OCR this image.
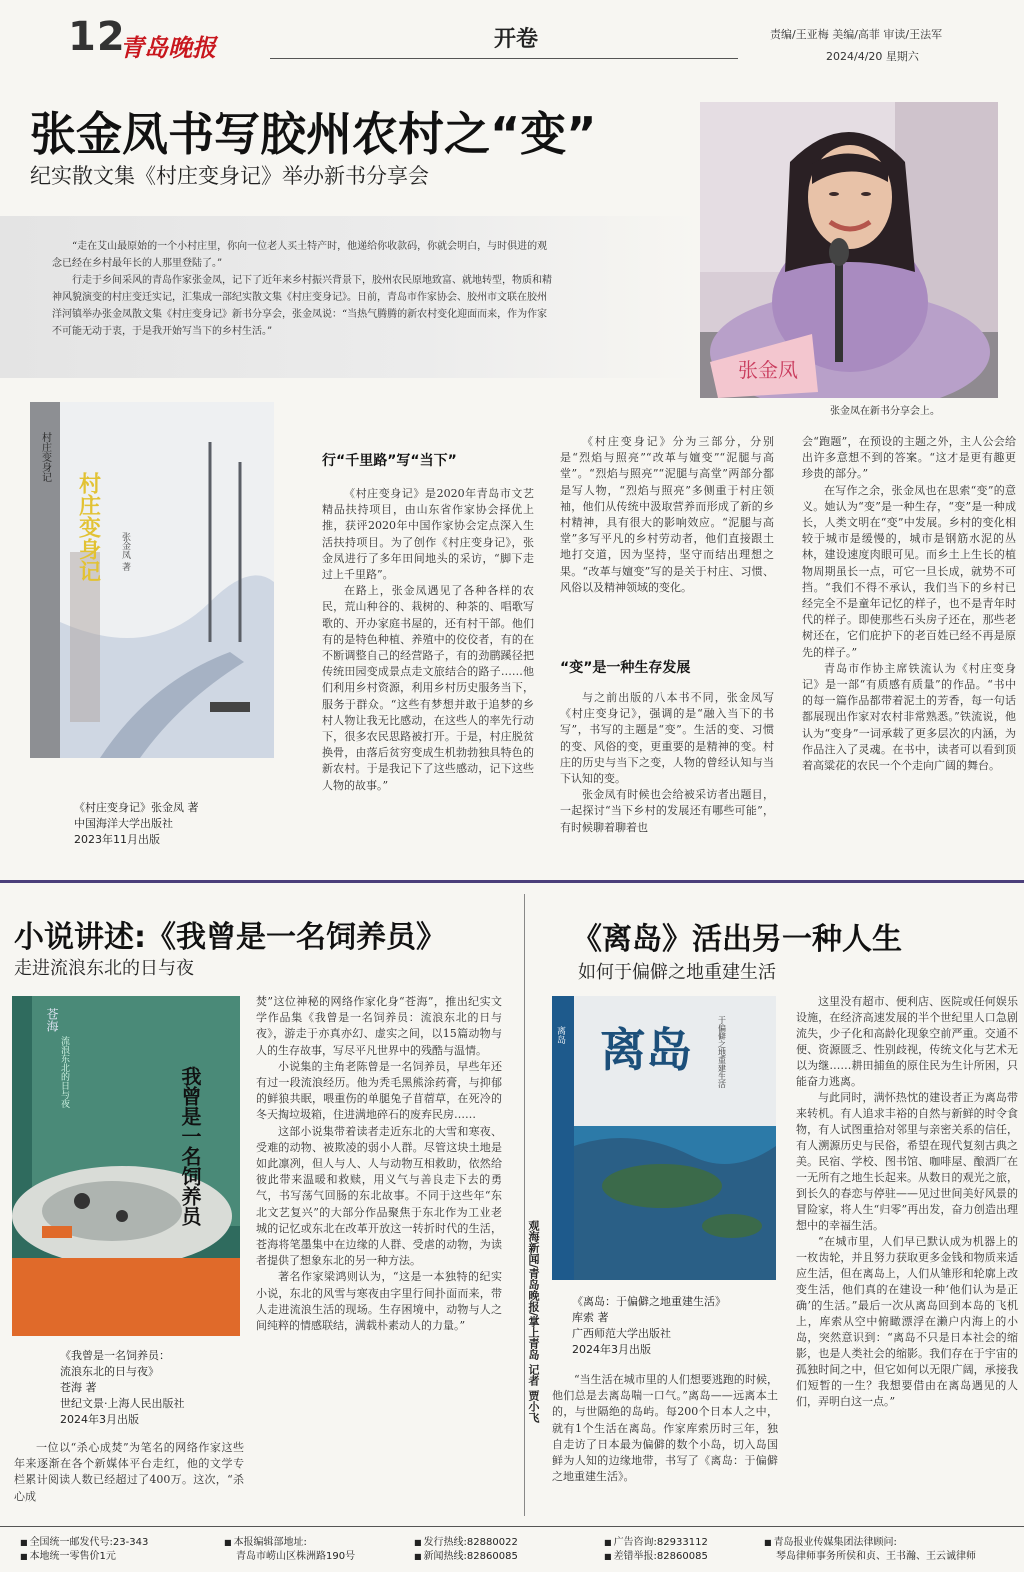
12
青岛晚报	开卷	责编/王亚梅 美编/高菲 审读/王法军
2024/4/20 星期六
张金凤书写胶州农村之“变”
纪实散文集《村庄变身记》举办新书分享会

“走在艾山最原始的一个小村庄里，你向一位老人买土特产时，他递给你收款码，你就会明白，与时俱进的观念已经在乡村最年长的人那里登陆了。”

行走于乡间采风的青岛作家张金凤，记下了近年来乡村振兴背景下，胶州农民原地致富、就地转型，物质和精神风貌演变的村庄变迁实记，汇集成一部纪实散文集《村庄变身记》。日前，青岛市作家协会、胶州市文联在胶州洋河镇举办张金凤散文集《村庄变身记》新书分享会，张金凤说：“当热气腾腾的新农村变化迎面而来，作为作家不可能无动于衷，于是我开始写当下的乡村生活。”

张金凤
张金凤在新书分享会上。
村庄变身记 张金凤 著
村庄变身记
《村庄变身记》张金凤 著
中国海洋大学出版社
2023年11月出版
行“千里路”写“当下”

《村庄变身记》是2020年青岛市文艺精品扶持项目，由山东省作家协会择优上推，获评2020年中国作家协会定点深入生活扶持项目。为了创作《村庄变身记》，张金凤进行了多年田间地头的采访，“脚下走过上千里路”。

在路上，张金凤遇见了各种各样的农民，荒山种谷的、栽树的、种茶的、唱歌写歌的、开办家庭书屋的，还有村干部。他们有的是特色种植、养殖中的佼佼者，有的在不断调整自己的经营路子，有的劲鹛蹊径把传统田园变成景点走文旅结合的路子……他们利用乡村资源，利用乡村历史服务当下，服务于群众。“这些有梦想并敢于追梦的乡村人物让我无比感动，在这些人的率先行动下，很多农民思路被打开。于是，村庄脱贫换骨，由落后贫穷变成生机勃勃独具特色的新农村。于是我记下了这些感动，记下这些人物的故事。”

《村庄变身记》分为三部分，分别是“烈焰与照亮”“改革与嬗变”“泥腿与高堂”。“烈焰与照亮”“泥腿与高堂”两部分都是写人物，“烈焰与照亮”多侧重于村庄领袖，他们从传统中汲取营养而形成了新的乡村精神，具有很大的影响效应。“泥腿与高堂”多写平凡的乡村劳动者，他们直接跟土地打交道，因为坚持，坚守而结出理想之果。“改革与嬗变”写的是关于村庄、习惯、风俗以及精神领域的变化。

“变”是一种生存发展

与之前出版的八本书不同，张金凤写《村庄变身记》，强调的是“融入当下的书写”，书写的主题是“变”。生活的变、习惯的变、风俗的变，更重要的是精神的变。村庄的历史与当下之变，人物的曾经认知与当下认知的变。

张金凤有时候也会给被采访者出题目，一起探讨“当下乡村的发展还有哪些可能”，有时候聊着聊着也

会“跑题”，在预设的主题之外，主人公会给出许多意想不到的答案。“这才是更有趣更珍贵的部分。”

在写作之余，张金凤也在思索“变”的意义。她认为“变”是一种生存，“变”是一种成长，人类文明在“变”中发展。乡村的变化相较于城市是缓慢的，城市是钢筋水泥的丛林，建设速度肉眼可见。而乡土上生长的植物周期虽长一点，可它一旦长成，就势不可挡。“我们不得不承认，我们当下的乡村已经完全不是童年记忆的样子，也不是青年时代的样子。即使那些石头房子还在，那些老树还在，它们庇护下的老百姓已经不再是原先的样子。”

青岛市作协主席铁流认为《村庄变身记》是一部“有质感有质量”的作品。“书中的每一篇作品都带着泥土的芳香，每一句话都展现出作家对农村非常熟悉。”铁流说，他认为“变身”一词承载了更多层次的内涵，为作品注入了灵魂。在书中，读者可以看到顶着高粱花的农民一个个走向广阔的舞台。

小说讲述:《我曾是一名饲养员》
走进流浪东北的日与夜
我曾是一名饲养员
流浪东北的日与夜
苍海
《我曾是一名饲养员：
流浪东北的日与夜》
苍海 著
世纪文景·上海人民出版社
2024年3月出版

一位以“杀心成焚”为笔名的网络作家这些年来逐渐在各个新媒体平台走红，他的文学专栏累计阅读人数已经超过了400万。这次，“杀心成

焚”这位神秘的网络作家化身“苍海”，推出纪实文学作品集《我曾是一名饲养员：流浪东北的日与夜》，游走于亦真亦幻、虚实之间，以15篇动物与人的生存故事，写尽平凡世界中的残酷与温情。

小说集的主角老陈曾是一名饲养员，早些年还有过一段流浪经历。他为秃毛黑熊涂药膏，与抑郁的鲜狼共眠，喂重伤的单腿兔子苜蓿草，在死冷的冬天掏垃圾箱，住进满地碎石的废弃民房……

这部小说集带着读者走近东北的大雪和寒夜、受难的动物、被欺凌的弱小人群。尽管这块土地是如此凛冽，但人与人、人与动物互相救助，依然给彼此带来温暖和救赎，用义气与善良走下去的勇气，书写荡气回肠的东北故事。不同于这些年“东北文艺复兴”的大部分作品聚焦于东北作为工业老城的记忆或东北在改革开放这一转折时代的生活，苍海将笔墨集中在边缘的人群、受虐的动物，为读者提供了想象东北的另一种方法。

著名作家梁鸿则认为，“这是一本独特的纪实小说，东北的风雪与寒夜由字里行间扑面而来，带人走进流浪生活的现场。生存困境中，动物与人之间纯粹的情感联结，满载朴素动人的力量。”	观海新闻/青岛晚报/掌上青岛 记者 贾小飞
《离岛》活出另一种人生
如何于偏僻之地重建生活
离岛	于偏僻之地重建生活
离岛
《离岛：于偏僻之地重建生活》
库索 著
广西师范大学出版社
2024年3月出版

“当生活在城市里的人们想要逃跑的时候，他们总是去离岛喘一口气。”离岛——远离本土的，与世隔绝的岛屿。每200个日本人之中，就有1个生活在离岛。作家库索历时三年，独自走访了日本最为偏僻的数个小岛，切入岛国鲜为人知的边缘地带，书写了《离岛：于偏僻之地重建生活》。

这里没有超市、便利店、医院或任何娱乐设施，在经济高速发展的半个世纪里人口急剧流失，少子化和高龄化现象空前严重。交通不便、资源匮乏、性别歧视，传统文化与艺术无以为继……耕田捕鱼的原住民为生计所困，只能奋力逃离。

与此同时，满怀热忱的建设者正为离岛带来转机。有人追求丰裕的自然与新鲜的时令食物，有人试图重拾对邻里与亲密关系的信任，有人溯源历史与民俗，希望在现代复刻古典之美。民宿、学校、图书馆、咖啡屋、酿酒厂在一无所有之地生长起来。从数日的观光之旅，到长久的春恋与停驻——见过世间美好风景的冒险家，将人生“归零”再出发，奋力创造出理想中的幸福生活。

“在城市里，人们早已默认成为机器上的一枚齿轮，并且努力获取更多金钱和物质来适应生活，但在离岛上，人们从雏形和轮廓上改变生活，他们真的在建设一种‘他们认为是正确’的生活。”最后一次从离岛回到本岛的飞机上，库索从空中俯瞰漂浮在濑户内海上的小岛，突然意识到：“离岛不只是日本社会的缩影，也是人类社会的缩影。我们存在于宇宙的孤独时间之中，但它如何以无限广阔，承接我们短暂的一生？我想要借由在离岛遇见的人们，弄明白这一点。”

■ 全国统一邮发代号:23-343
■ 本地统一零售价1元
■ 本报编辑部地址:
青岛市崂山区株洲路190号
■ 发行热线:82880022
■ 新闻热线:82860085
■ 广告咨询:82933112
■ 差错举报:82860085
■ 青岛报业传媒集团法律顾问:
琴岛律师事务所侯和贞、王书瀚、王云诚律师
